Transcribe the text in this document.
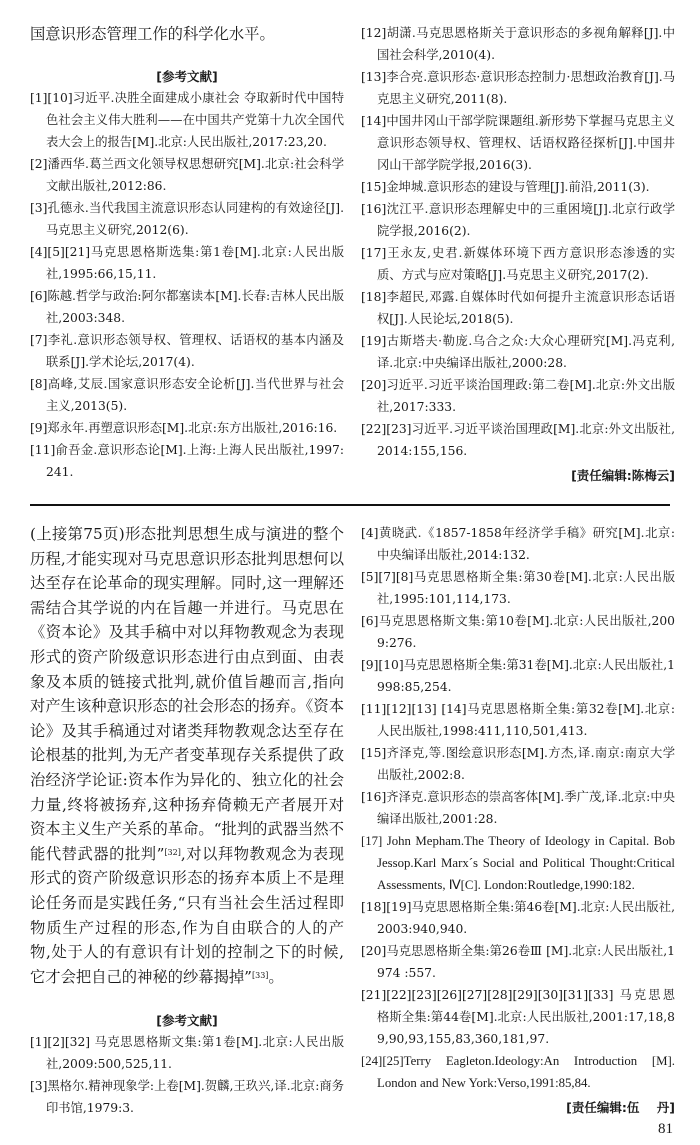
国意识形态管理工作的科学化水平。

[参考文献]

[1][10]习近平.决胜全面建成小康社会 夺取新时代中国特色社会主义伟大胜利——在中国共产党第十九次全国代表大会上的报告[M].北京:人民出版社,2017:23,20.

[2]潘西华.葛兰西文化领导权思想研究[M].北京:社会科学文献出版社,2012:86.

[3]孔德永.当代我国主流意识形态认同建构的有效途径[J].马克思主义研究,2012(6).

[4][5][21]马克思恩格斯选集:第1卷[M].北京:人民出版社,1995:66,15,11.

[6]陈越.哲学与政治:阿尔都塞读本[M].长春:吉林人民出版社,2003:348.

[7]李礼.意识形态领导权、管理权、话语权的基本内涵及联系[J].学术论坛,2017(4).

[8]高峰,艾辰.国家意识形态安全论析[J].当代世界与社会主义,2013(5).

[9]郑永年.再塑意识形态[M].北京:东方出版社,2016:16.

[11]俞吾金.意识形态论[M].上海:上海人民出版社,1997:241.

[12]胡潇.马克思恩格斯关于意识形态的多视角解释[J].中国社会科学,2010(4).

[13]李合亮.意识形态·意识形态控制力·思想政治教育[J].马克思主义研究,2011(8).

[14]中国井冈山干部学院课题组.新形势下掌握马克思主义意识形态领导权、管理权、话语权路径探析[J].中国井冈山干部学院学报,2016(3).

[15]金坤城.意识形态的建设与管理[J].前沿,2011(3).

[16]沈江平.意识形态理解史中的三重困境[J].北京行政学院学报,2016(2).

[17]王永友,史君.新媒体环境下西方意识形态渗透的实质、方式与应对策略[J].马克思主义研究,2017(2).

[18]李超民,邓露.自媒体时代如何提升主流意识形态话语权[J].人民论坛,2018(5).

[19]古斯塔夫·勒庞.乌合之众:大众心理研究[M].冯克利,译.北京:中央编译出版社,2000:28.

[20]习近平.习近平谈治国理政:第二卷[M].北京:外文出版社,2017:333.

[22][23]习近平.习近平谈治国理政[M].北京:外文出版社,2014:155,156.

[责任编辑:陈梅云]

(上接第75页)形态批判思想生成与演进的整个历程,才能实现对马克思意识形态批判思想何以达至存在论革命的现实理解。同时,这一理解还需结合其学说的内在旨趣一并进行。马克思在《资本论》及其手稿中对以拜物教观念为表现形式的资产阶级意识形态进行由点到面、由表象及本质的链接式批判,就价值旨趣而言,指向对产生该种意识形态的社会形态的扬弃。《资本论》及其手稿通过对诸类拜物教观念达至存在论根基的批判,为无产者变革现存关系提供了政治经济学论证:资本作为异化的、独立化的社会力量,终将被扬弃,这种扬弃倚赖无产者展开对资本主义生产关系的革命。“批判的武器当然不能代替武器的批判”[32],对以拜物教观念为表现形式的资产阶级意识形态的扬弃本质上不是理论任务而是实践任务,“只有当社会生活过程即物质生产过程的形态,作为自由联合的人的产物,处于人的有意识有计划的控制之下的时候,它才会把自己的神秘的纱幕揭掉”[33]。

[参考文献]

[1][2][32] 马克思恩格斯文集:第1卷[M].北京:人民出版社,2009:500,525,11.

[3]黑格尔.精神现象学:上卷[M].贺麟,王玖兴,译.北京:商务印书馆,1979:3.

[4]黄晓武.《1857-1858年经济学手稿》研究[M].北京:中央编译出版社,2014:132.

[5][7][8]马克思恩格斯全集:第30卷[M].北京:人民出版社,1995:101,114,173.

[6]马克思恩格斯文集:第10卷[M].北京:人民出版社,2009:276.

[9][10]马克思恩格斯全集:第31卷[M].北京:人民出版社,1998:85,254.

[11][12][13] [14]马克思恩格斯全集:第32卷[M].北京:人民出版社,1998:411,110,501,413.

[15]齐泽克,等.图绘意识形态[M].方杰,译.南京:南京大学出版社,2002:8.

[16]齐泽克.意识形态的崇高客体[M].季广茂,译.北京:中央编译出版社,2001:28.

[17] John Mepham.The Theory of Ideology in Capital. Bob Jessop.Karl Marx´s Social and Political Thought:Critical Assessments, Ⅳ[C]. London:Routledge,1990:182.

[18][19]马克思恩格斯全集:第46卷[M].北京:人民出版社,2003:940,940.

[20]马克思恩格斯全集:第26卷Ⅲ [M].北京:人民出版社,1974 :557.

[21][22][23][26][27][28][29][30][31][33] 马克思恩格斯全集:第44卷[M].北京:人民出版社,2001:17,18,89,90,93,155,83,360,181,97.

[24][25]Terry Eagleton.Ideology:An Introduction [M]. London and New York:Verso,1991:85,84.

[责任编辑:伍    丹]

81
